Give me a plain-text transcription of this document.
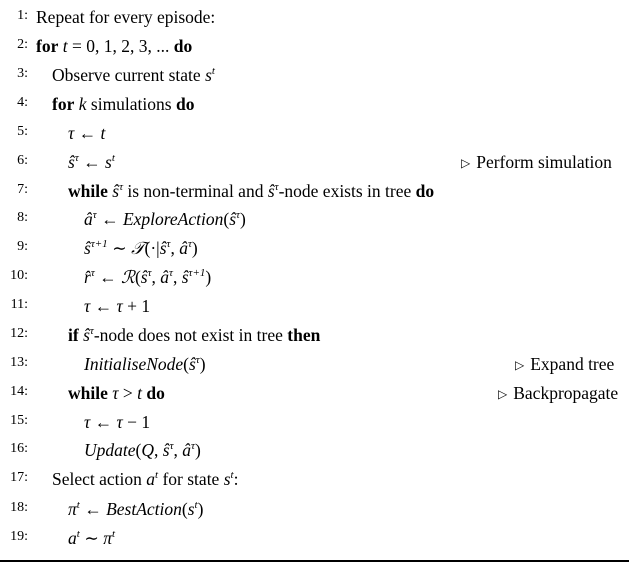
1: Repeat for every episode:
2: for t = 0, 1, 2, 3, ... do
3: Observe current state $s^t$
4: for k simulations do
5: τ ← t
6: $ŝ^\tau$ ← $s^t$	▷ Perform simulation
7: while $ŝ^\tau$ is non-terminal and $ŝ^\tau$-node exists in tree do
8:	$â^\tau$ ← $ExploreAction(ŝ^\tau)$
9:	$ŝ^{\tau+1}$ ∼ $𝒯(\cdot|ŝ^\tau$, $â^\tau$)
10:	r̂$^\tau$ ← $ℛ(ŝ^\tau$, $â^\tau$, $ŝ^{\tau+1}$)
11:	τ ← τ + 1
12: if $ŝ^\tau$-node does not exist in tree then
13:	$InitialiseNode(ŝ^\tau)$	▷ Expand tree
14: while τ > t do	▷ Backpropagate
15:	τ ← τ − 1
16:	Update(Q, $ŝ^\tau$, $â^\tau$)
17: Select action $a^t$ for state $s^t$:
18: $\pi^t$ ← $BestAction(s^t)$
19: $a^t$ ∼ $\pi^t$
